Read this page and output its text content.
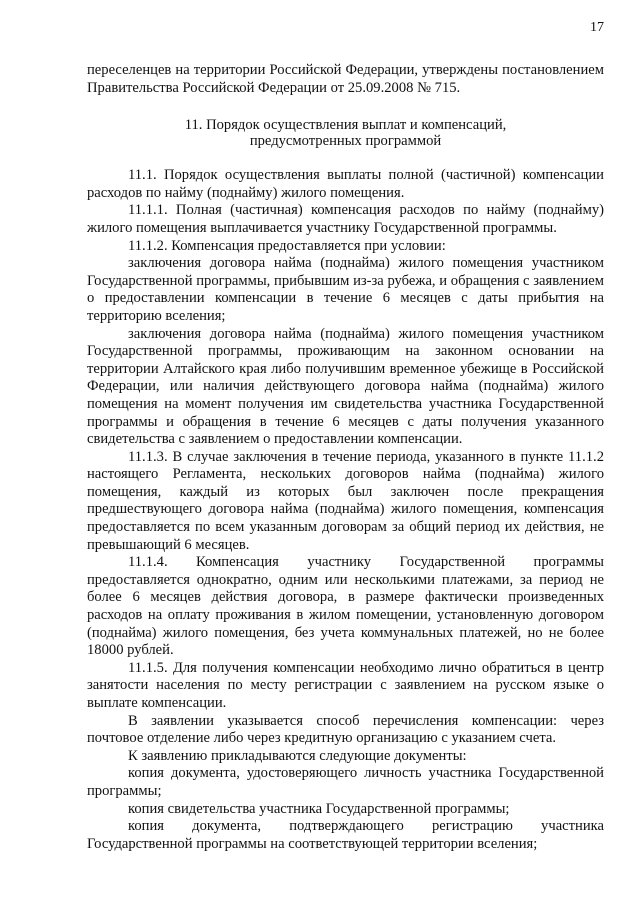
17

переселенцев на территории Российской Федерации, утверждены постановлением Правительства Российской Федерации от 25.09.2008 № 715.

11. Порядок осуществления выплат и компенсаций,
предусмотренных программой

11.1. Порядок осуществления выплаты полной (частичной) компенсации расходов по найму (поднайму) жилого помещения.

11.1.1. Полная (частичная) компенсация расходов по найму (поднайму) жилого помещения выплачивается участнику Государственной программы.

11.1.2. Компенсация предоставляется при условии:

заключения договора найма (поднайма) жилого помещения участником Государственной программы, прибывшим из-за рубежа, и обращения с заявлением о предоставлении компенсации в течение 6 месяцев с даты прибытия на территорию вселения;

заключения договора найма (поднайма) жилого помещения участником Государственной программы, проживающим на законном основании на территории Алтайского края либо получившим временное убежище в Российской Федерации, или наличия действующего договора найма (поднайма) жилого помещения на момент получения им свидетельства участника Государственной программы и обращения в течение 6 месяцев с даты получения указанного свидетельства с заявлением о предоставлении компенсации.

11.1.3. В случае заключения в течение периода, указанного в пункте 11.1.2 настоящего Регламента, нескольких договоров найма (поднайма) жилого помещения, каждый из которых был заключен после прекращения предшествующего договора найма (поднайма) жилого помещения, компенсация предоставляется по всем указанным договорам за общий период их действия, не превышающий 6 месяцев.

11.1.4. Компенсация участнику Государственной программы предоставляется однократно, одним или несколькими платежами, за период не более 6 месяцев действия договора, в размере фактически произведенных расходов на оплату проживания в жилом помещении, установленную договором (поднайма) жилого помещения, без учета коммунальных платежей, но не более 18000 рублей.

11.1.5. Для получения компенсации необходимо лично обратиться в центр занятости населения по месту регистрации с заявлением на русском языке о выплате компенсации.

В заявлении указывается способ перечисления компенсации: через почтовое отделение либо через кредитную организацию с указанием счета.

К заявлению прикладываются следующие документы:

копия документа, удостоверяющего личность участника Государственной программы;

копия свидетельства участника Государственной программы;

копия документа, подтверждающего регистрацию участника Государственной программы на соответствующей территории вселения;
